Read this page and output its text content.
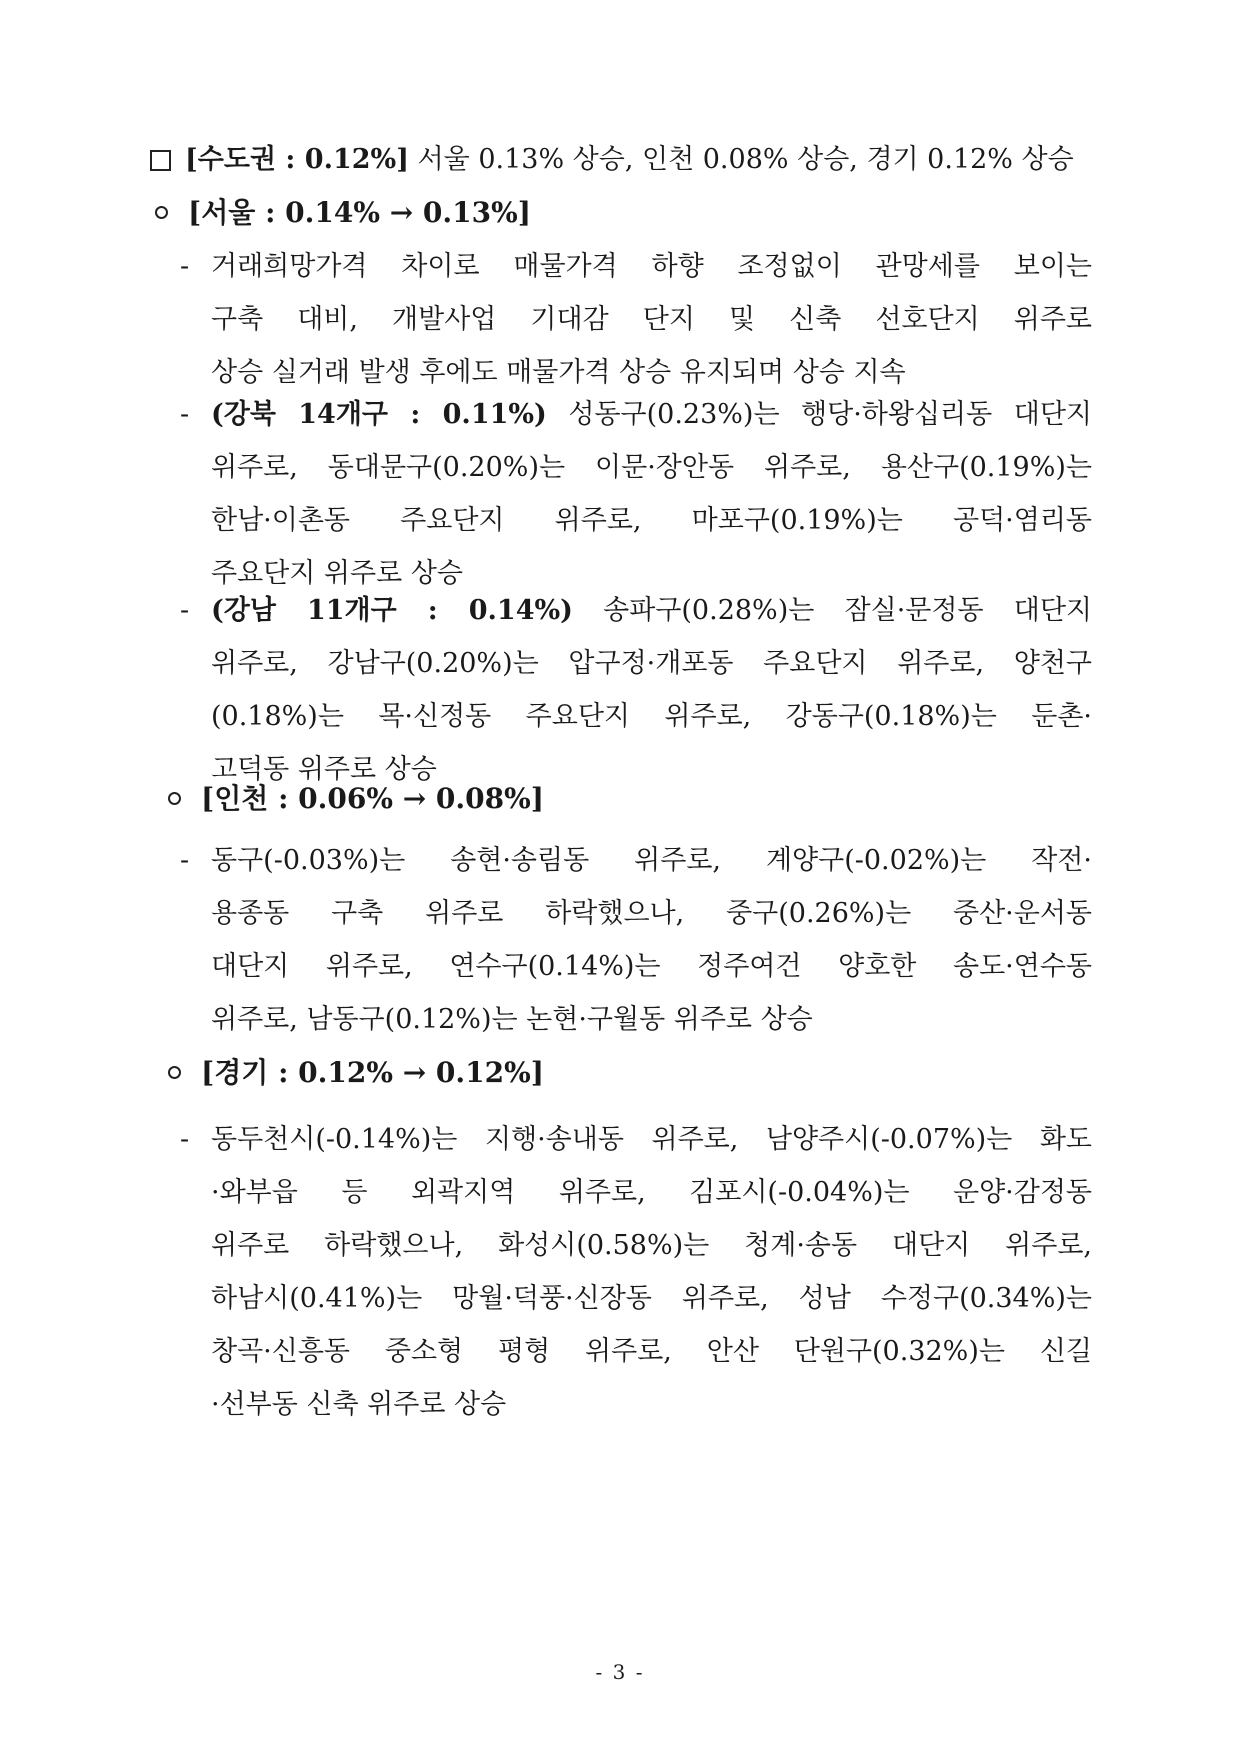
[수도권 : 0.12%] 서울 0.13% 상승, 인천 0.08% 상승, 경기 0.12% 상승
[서울 : 0.14% → 0.13%]
- 거래희망가격 차이로 매물가격 하향 조정없이 관망세를 보이는
구축 대비, 개발사업 기대감 단지 및 신축 선호단지 위주로
상승 실거래 발생 후에도 매물가격 상승 유지되며 상승 지속
- (강북 14개구 : 0.11%) 성동구(0.23%)는 행당·하왕십리동 대단지
위주로, 동대문구(0.20%)는 이문·장안동 위주로, 용산구(0.19%)는
한남·이촌동 주요단지 위주로, 마포구(0.19%)는 공덕·염리동
주요단지 위주로 상승
- (강남 11개구 : 0.14%) 송파구(0.28%)는 잠실·문정동 대단지
위주로, 강남구(0.20%)는 압구정·개포동 주요단지 위주로, 양천구
(0.18%)는 목·신정동 주요단지 위주로, 강동구(0.18%)는 둔촌·
고덕동 위주로 상승
[인천 : 0.06% → 0.08%]
- 동구(-0.03%)는 송현·송림동 위주로, 계양구(-0.02%)는 작전·
용종동 구축 위주로 하락했으나, 중구(0.26%)는 중산·운서동
대단지 위주로, 연수구(0.14%)는 정주여건 양호한 송도·연수동
위주로, 남동구(0.12%)는 논현·구월동 위주로 상승
[경기 : 0.12% → 0.12%]
- 동두천시(-0.14%)는 지행·송내동 위주로, 남양주시(-0.07%)는 화도
·와부읍 등 외곽지역 위주로, 김포시(-0.04%)는 운양·감정동
위주로 하락했으나, 화성시(0.58%)는 청계·송동 대단지 위주로,
하남시(0.41%)는 망월·덕풍·신장동 위주로, 성남 수정구(0.34%)는
창곡·신흥동 중소형 평형 위주로, 안산 단원구(0.32%)는 신길
·선부동 신축 위주로 상승
- 3 -
